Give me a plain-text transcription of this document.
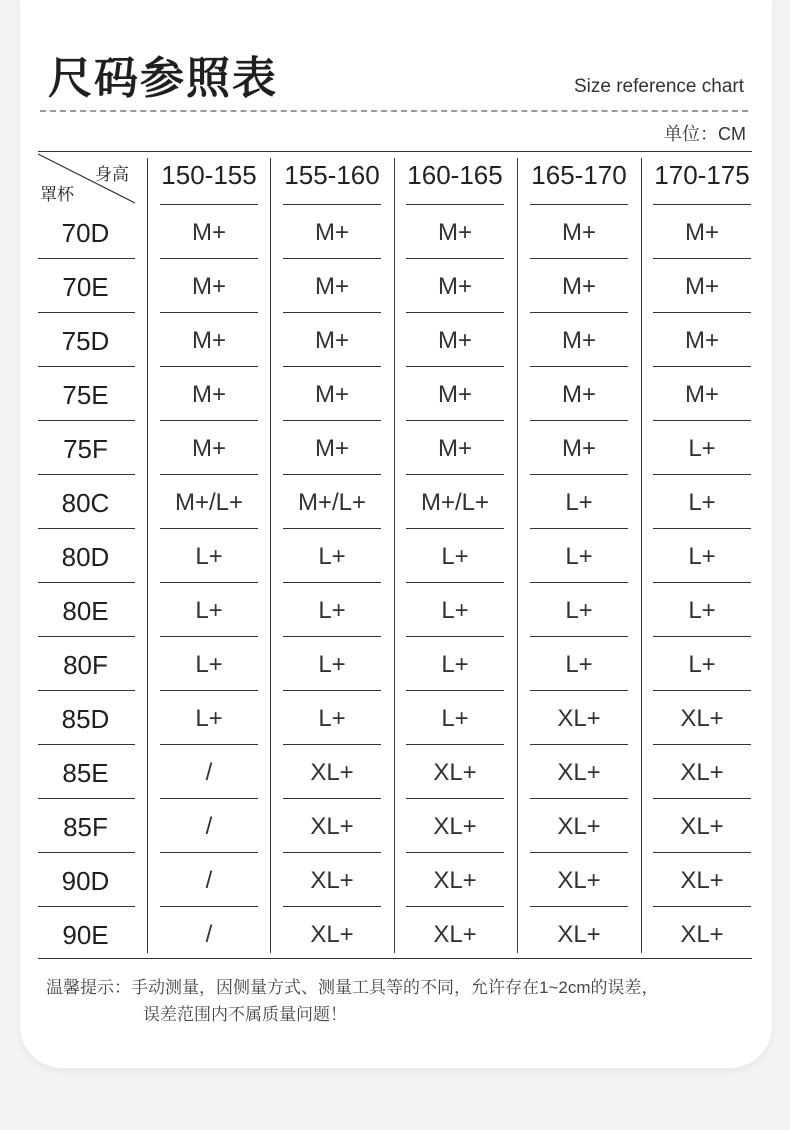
尺码参照表	Size reference chart
单位：CM
身高
罩杯
150-155	155-160	160-165	165-170	170-175
70D	M+	M+	M+	M+	M+
70E	M+	M+	M+	M+	M+
75D	M+	M+	M+	M+	M+
75E	M+	M+	M+	M+	M+
75F	M+	M+	M+	M+	L+
80C	M+/L+	M+/L+	M+/L+	L+	L+
80D	L+	L+	L+	L+	L+
80E	L+	L+	L+	L+	L+
80F	L+	L+	L+	L+	L+
85D	L+	L+	L+	XL+	XL+
85E	/	XL+	XL+	XL+	XL+
85F	/	XL+	XL+	XL+	XL+
90D	/	XL+	XL+	XL+	XL+
90E	/	XL+	XL+	XL+	XL+
温馨提示：手动测量，因侧量方式、测量工具等的不同，允许存在1~2cm的误差，
误差范围内不属质量问题！
